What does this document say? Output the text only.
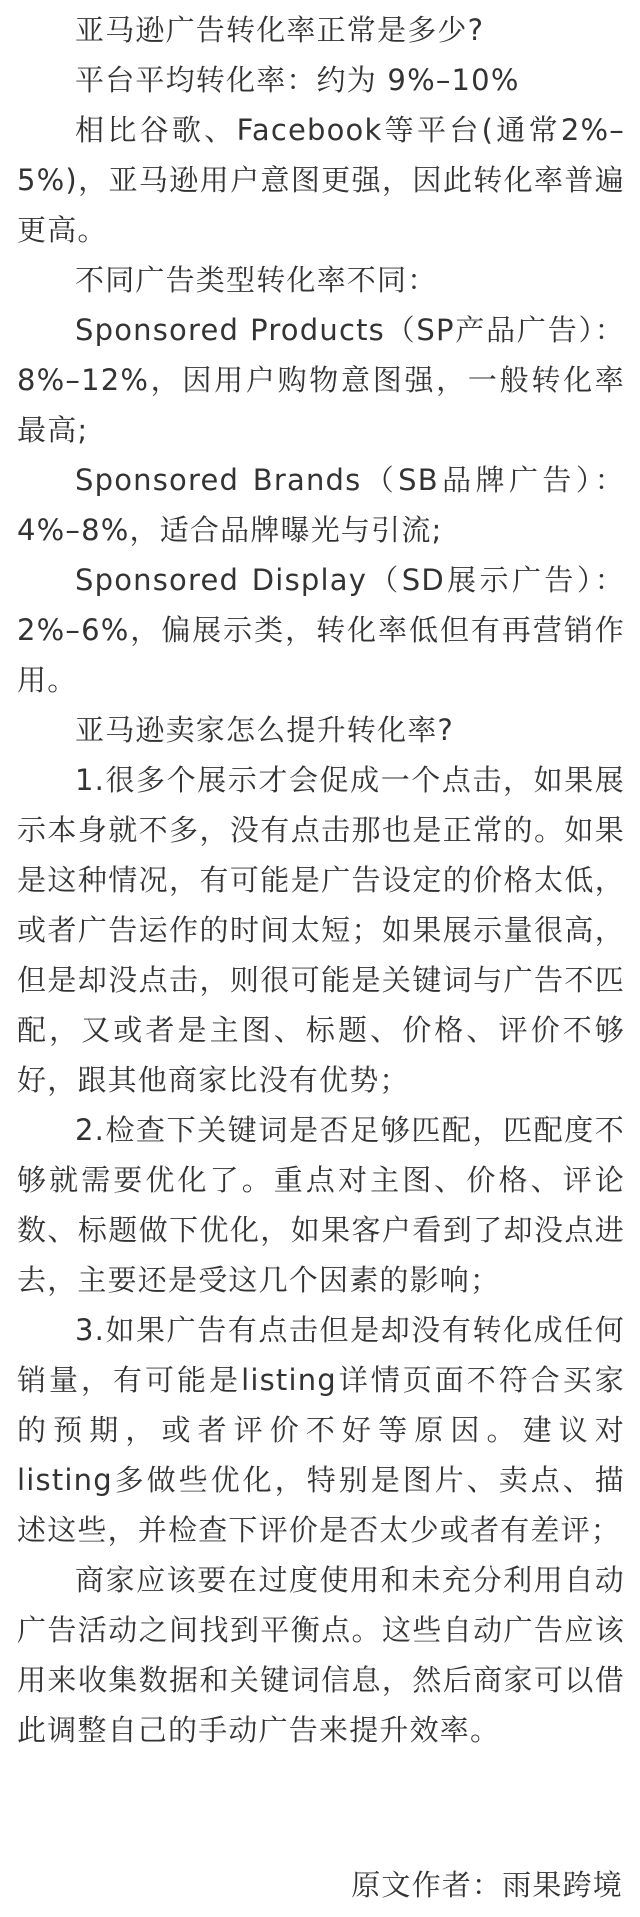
亚马逊广告转化率正常是多少?

平台平均转化率：约为 9%–10%

相比谷歌、Facebook等平台(通常2%–5%)，亚马逊用户意图更强，因此转化率普遍更高。

不同广告类型转化率不同：

Sponsored Products（SP产品广告）：8%–12%，因用户购物意图强，一般转化率最高;

Sponsored Brands（SB品牌广告）：4%–8%，适合品牌曝光与引流;

Sponsored Display（SD展示广告）：2%–6%，偏展示类，转化率低但有再营销作用。

亚马逊卖家怎么提升转化率?

1.很多个展示才会促成一个点击，如果展示本身就不多，没有点击那也是正常的。如果是这种情况，有可能是广告设定的价格太低，或者广告运作的时间太短；如果展示量很高，但是却没点击，则很可能是关键词与广告不匹配，又或者是主图、标题、价格、评价不够好，跟其他商家比没有优势；

2.检查下关键词是否足够匹配，匹配度不够就需要优化了。重点对主图、价格、评论数、标题做下优化，如果客户看到了却没点进去，主要还是受这几个因素的影响；

3.如果广告有点击但是却没有转化成任何销量，有可能是listing详情页面不符合买家的预期，或者评价不好等原因。建议对listing多做些优化，特别是图片、卖点、描述这些，并检查下评价是否太少或者有差评；

商家应该要在过度使用和未充分利用自动广告活动之间找到平衡点。这些自动广告应该用来收集数据和关键词信息，然后商家可以借此调整自己的手动广告来提升效率。

原文作者：雨果跨境
